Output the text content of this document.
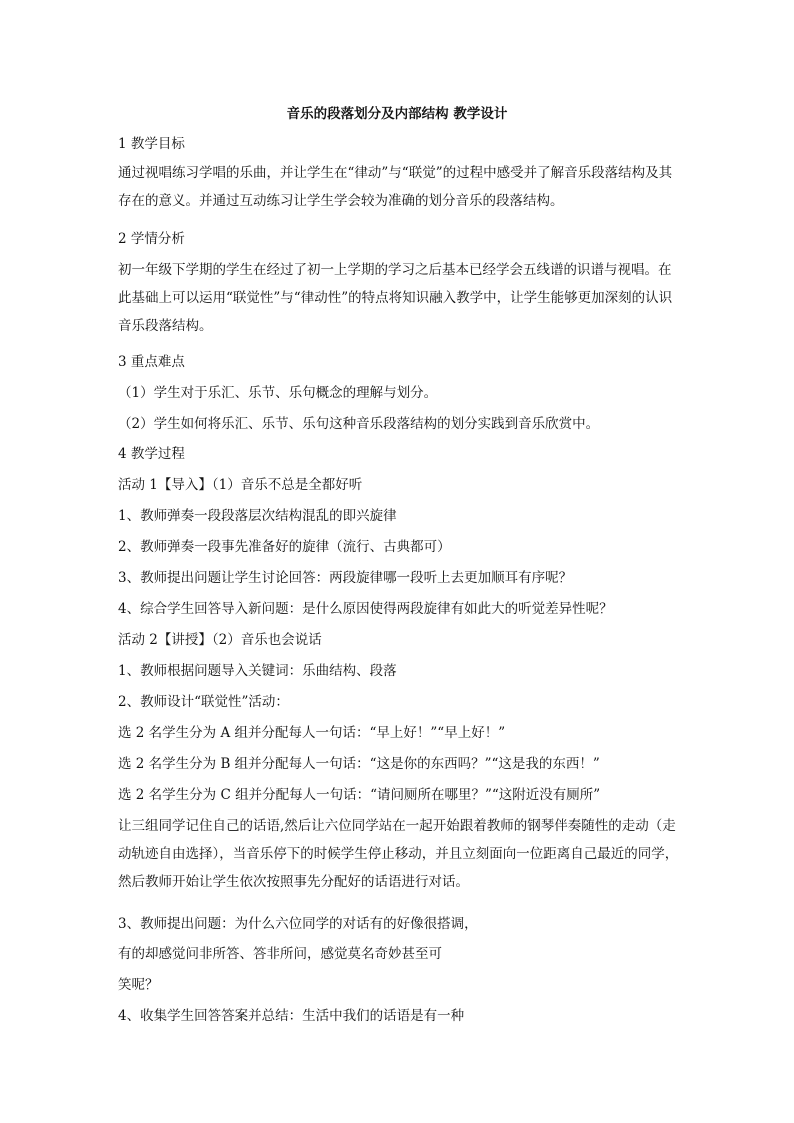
音乐的段落划分及内部结构 教学设计
1 教学目标
通过视唱练习学唱的乐曲，并让学生在“律动”与“联觉”的过程中感受并了解音乐段落结构及其存在的意义。并通过互动练习让学生学会较为准确的划分音乐的段落结构。
2 学情分析
初一年级下学期的学生在经过了初一上学期的学习之后基本已经学会五线谱的识谱与视唱。在此基础上可以运用“联觉性”与“律动性”的特点将知识融入教学中，让学生能够更加深刻的认识音乐段落结构。
3 重点难点
（1）学生对于乐汇、乐节、乐句概念的理解与划分。
（2）学生如何将乐汇、乐节、乐句这种音乐段落结构的划分实践到音乐欣赏中。
4 教学过程
活动 1【导入】（1）音乐不总是全都好听
1、教师弹奏一段段落层次结构混乱的即兴旋律
2、教师弹奏一段事先准备好的旋律（流行、古典都可）
3、教师提出问题让学生讨论回答：两段旋律哪一段听上去更加顺耳有序呢？
4、综合学生回答导入新问题：是什么原因使得两段旋律有如此大的听觉差异性呢？
活动 2【讲授】（2）音乐也会说话
1、教师根据问题导入关键词：乐曲结构、段落
2、教师设计“联觉性”活动：
选 2 名学生分为 A 组并分配每人一句话：“早上好！”“早上好！”
选 2 名学生分为 B 组并分配每人一句话：“这是你的东西吗？”“这是我的东西！”
选 2 名学生分为 C 组并分配每人一句话：“请问厕所在哪里？”“这附近没有厕所”
让三组同学记住自己的话语,然后让六位同学站在一起开始跟着教师的钢琴伴奏随性的走动（走动轨迹自由选择），当音乐停下的时候学生停止移动，并且立刻面向一位距离自己最近的同学，然后教师开始让学生依次按照事先分配好的话语进行对话。
3、教师提出问题：为什么六位同学的对话有的好像很搭调，
有的却感觉问非所答、答非所问，感觉莫名奇妙甚至可
笑呢？
4、收集学生回答答案并总结：生活中我们的话语是有一种
